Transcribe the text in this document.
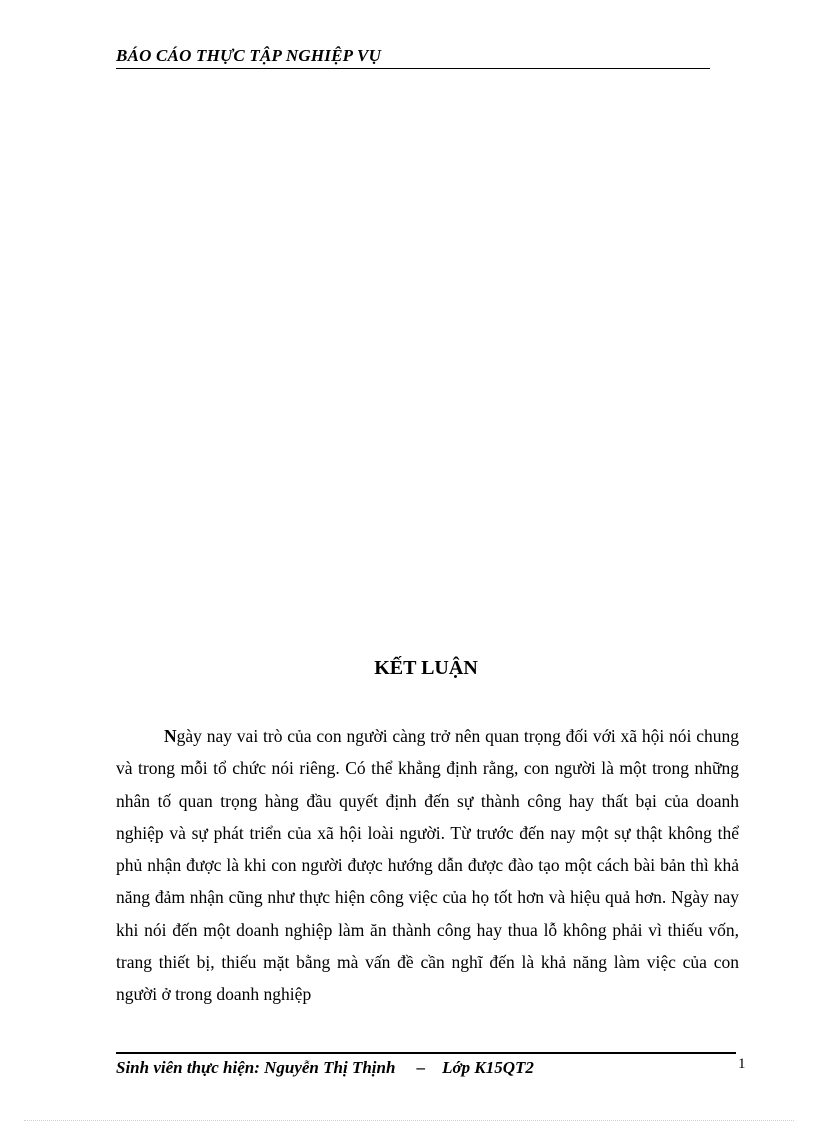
BÁO CÁO THỰC TẬP NGHIỆP VỤ
KẾT LUẬN

Ngày nay vai trò của con người càng trở nên quan trọng đối với xã hội nói chung và trong mỗi tổ chức nói riêng. Có thể khẳng định rằng, con người là một trong những nhân tố quan trọng hàng đầu quyết định đến sự thành công hay thất bại của doanh nghiệp và sự phát triển của xã hội loài người. Từ trước đến nay một sự thật không thể phủ nhận được là khi con người được hướng dẫn được đào tạo một cách bài bản thì khả năng đảm nhận cũng như thực hiện công việc của họ tốt hơn và hiệu quả hơn. Ngày nay khi nói đến một doanh nghiệp làm ăn thành công hay thua lỗ không phải vì thiếu vốn, trang thiết bị, thiếu mặt bằng mà vấn đề cần nghĩ đến là khả năng làm việc của con người ở trong doanh nghiệp

Sinh viên thực hiện: Nguyễn Thị Thịnh     –    Lớp K15QT2	1
